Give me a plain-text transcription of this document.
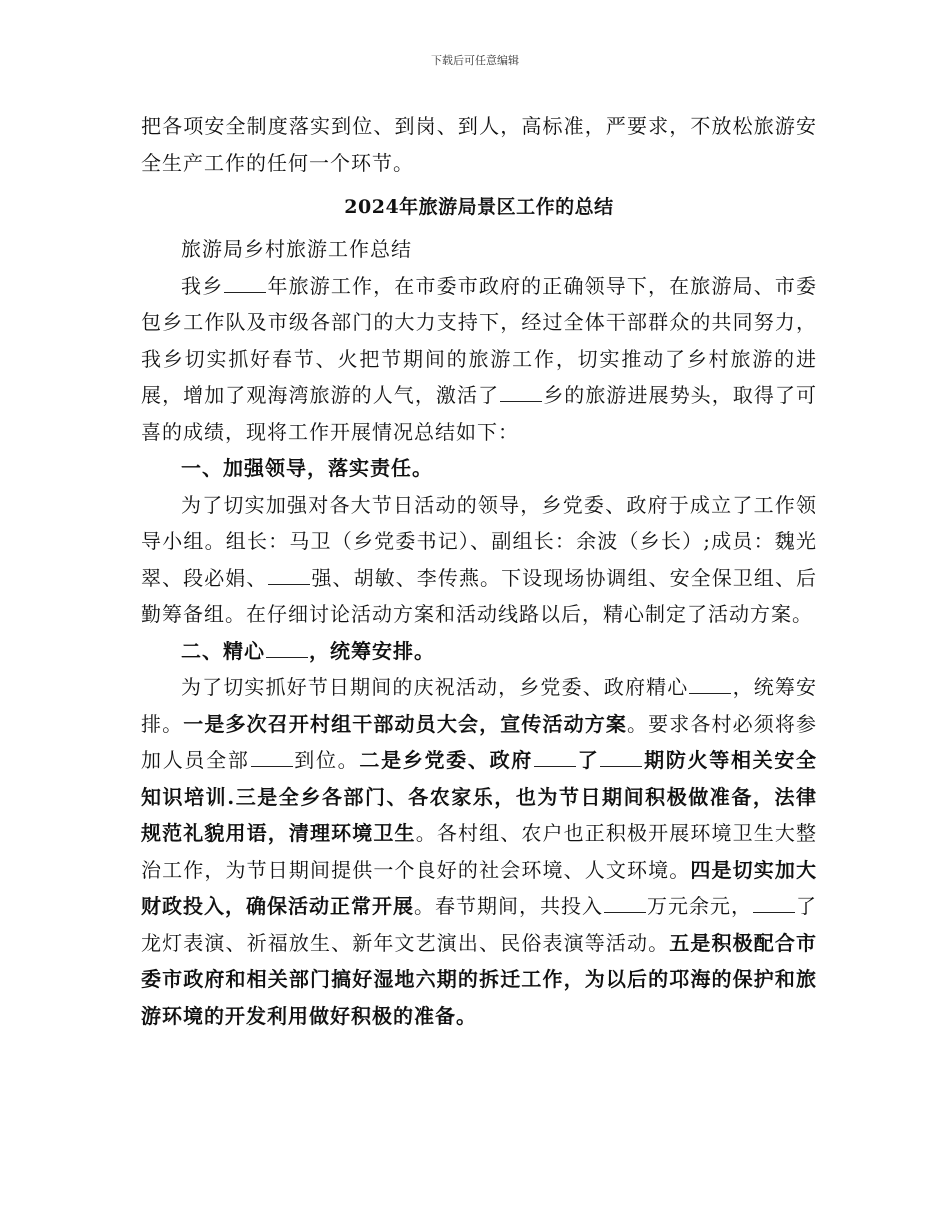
下载后可任意编辑

把各项安全制度落实到位、到岗、到人，高标准，严要求，不放松旅游安全生产工作的任何一个环节。

2024年旅游局景区工作的总结

旅游局乡村旅游工作总结

我乡 年旅游工作，在市委市政府的正确领导下，在旅游局、市委包乡工作队及市级各部门的大力支持下，经过全体干部群众的共同努力，我乡切实抓好春节、火把节期间的旅游工作，切实推动了乡村旅游的进展，增加了观海湾旅游的人气，激活了 乡的旅游进展势头，取得了可喜的成绩，现将工作开展情况总结如下：

一、加强领导，落实责任。

为了切实加强对各大节日活动的领导，乡党委、政府于成立了工作领导小组。组长：马卫（乡党委书记）、副组长：余波（乡长）;成员：魏光翠、段必娟、 强、胡敏、李传燕。下设现场协调组、安全保卫组、后勤筹备组。在仔细讨论活动方案和活动线路以后，精心制定了活动方案。

二、精心 ，统筹安排。

为了切实抓好节日期间的庆祝活动，乡党委、政府精心 ，统筹安排。一是多次召开村组干部动员大会，宣传活动方案。要求各村必须将参加人员全部 到位。二是乡党委、政府 了 期防火等相关安全知识培训.三是全乡各部门、各农家乐，也为节日期间积极做准备，法律规范礼貌用语，清理环境卫生。各村组、农户也正积极开展环境卫生大整治工作，为节日期间提供一个良好的社会环境、人文环境。四是切实加大财政投入，确保活动正常开展。春节期间，共投入 万元余元， 了龙灯表演、祈福放生、新年文艺演出、民俗表演等活动。五是积极配合市委市政府和相关部门搞好湿地六期的拆迁工作，为以后的邛海的保护和旅游环境的开发利用做好积极的准备。
